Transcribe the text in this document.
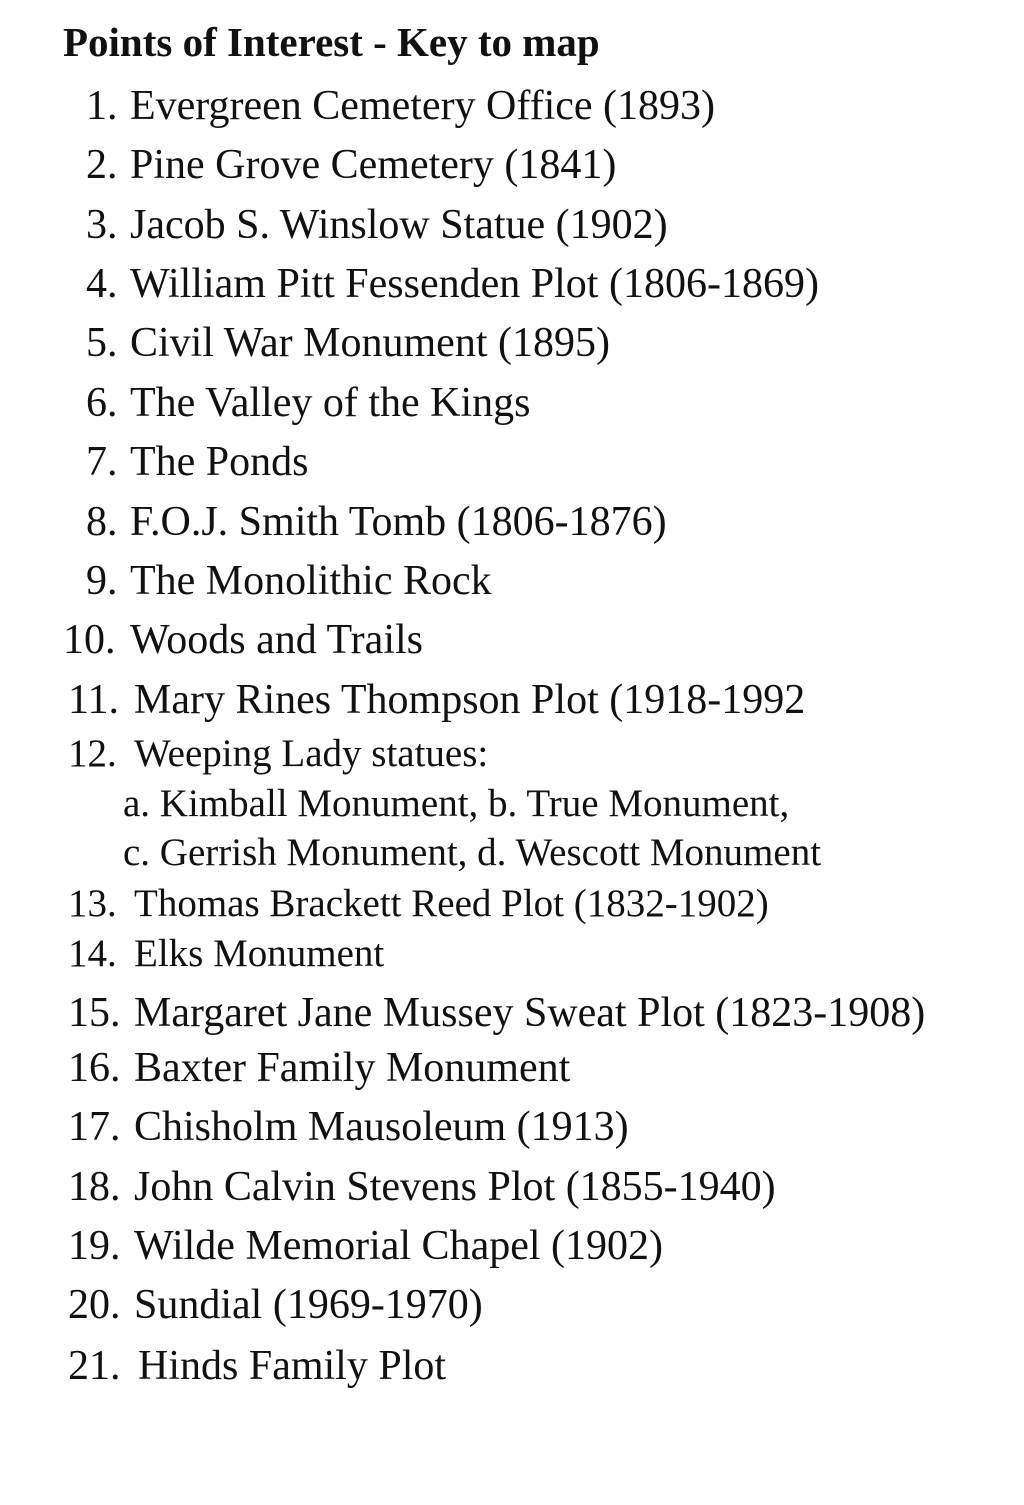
Points of Interest - Key to map
1. Evergreen Cemetery Office (1893)
2. Pine Grove Cemetery (1841)
3. Jacob S. Winslow Statue (1902)
4. William Pitt Fessenden Plot (1806-1869)
5. Civil War Monument (1895)
6. The Valley of the Kings
7. The Ponds
8. F.O.J. Smith Tomb (1806-1876)
9. The Monolithic Rock
10. Woods and Trails
11. Mary Rines Thompson Plot (1918-1992
12. Weeping Lady statues:
a. Kimball Monument, b. True Monument,
c. Gerrish Monument, d. Wescott Monument
13. Thomas Brackett Reed Plot (1832-1902)
14. Elks Monument
15. Margaret Jane Mussey Sweat Plot (1823-1908)
16. Baxter Family Monument
17. Chisholm Mausoleum (1913)
18. John Calvin Stevens Plot (1855-1940)
19. Wilde Memorial Chapel (1902)
20. Sundial (1969-1970)
21. Hinds Family Plot
